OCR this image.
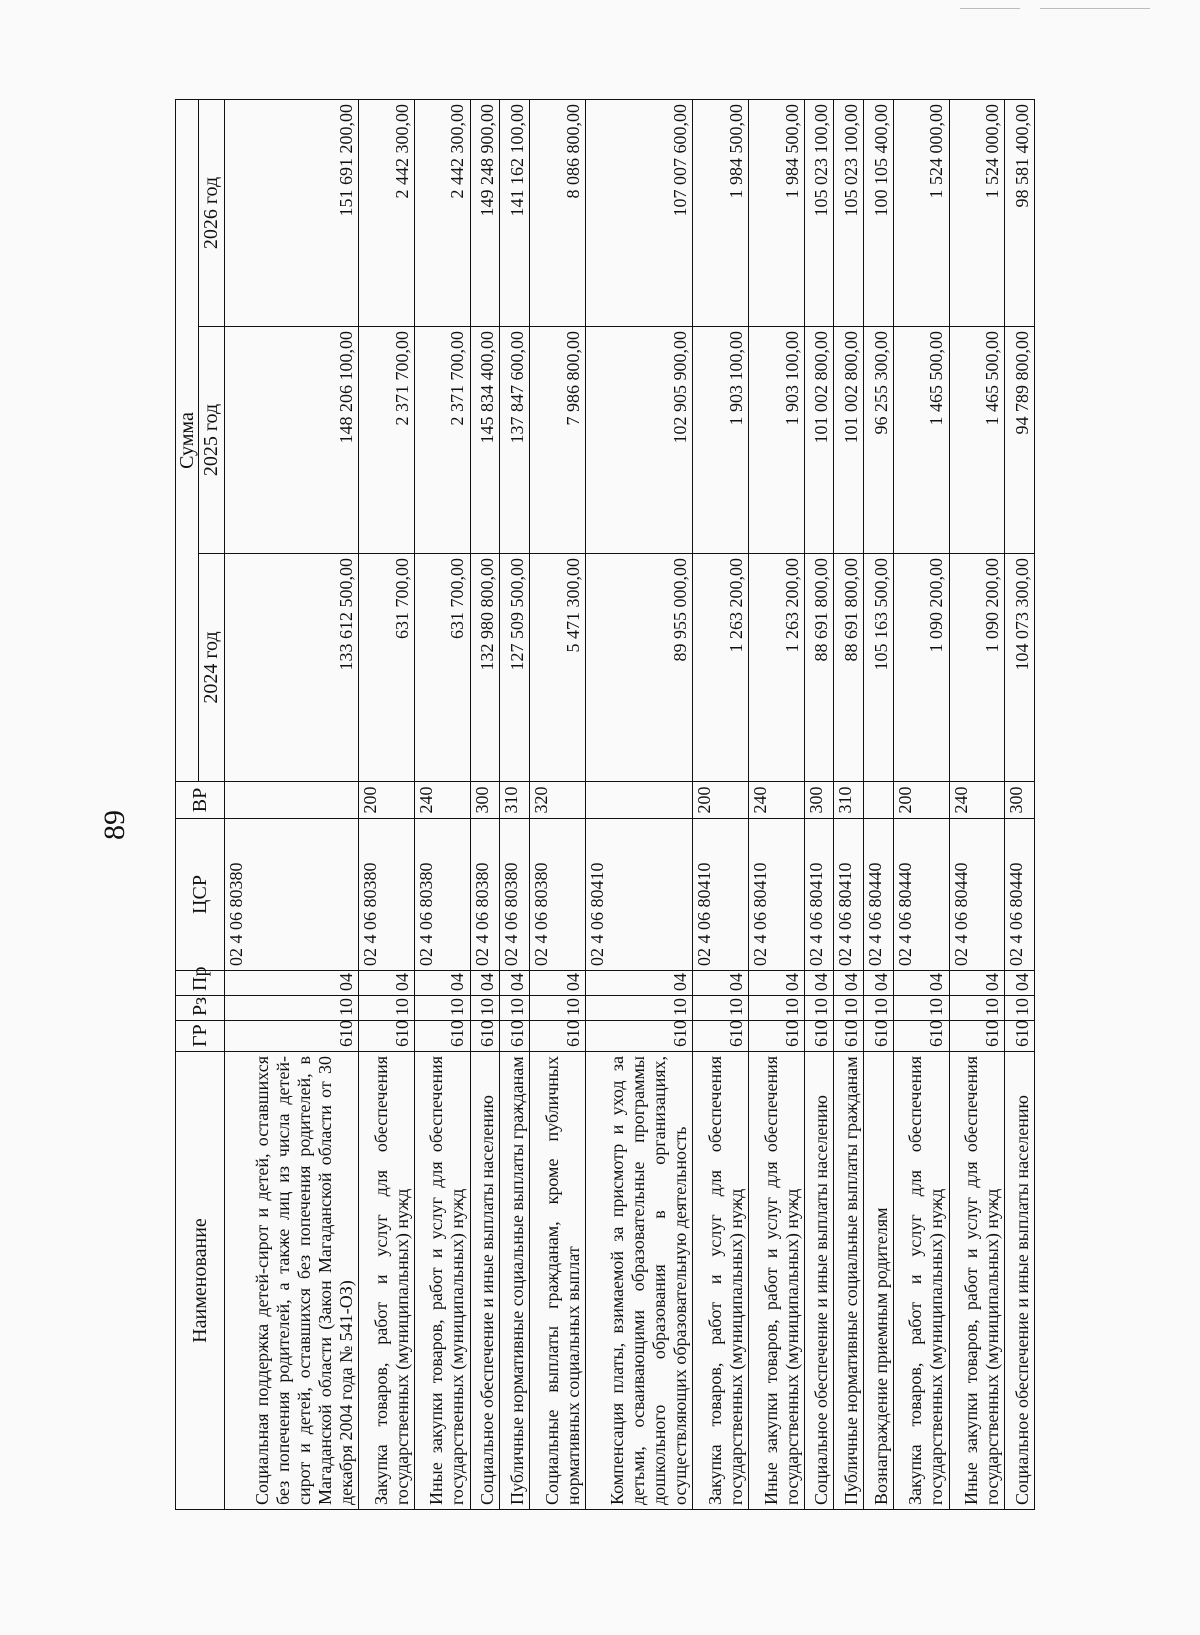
89
Наименование	ГР	Рз	Пр	ЦСР	ВР	Сумма		
						2024 год	2025 год	2026 год
Социальная поддержка детей-сирот и детей, оставшихся без попечения родителей, а также лиц из числа детей-сирот и детей, оставшихся без попечения родителей, в Магаданской области (Закон Магаданской области от 30 декабря 2004 года № 541-ОЗ)	610	10	04	02 4 06 80380		133 612 500,00	148 206 100,00	151 691 200,00
Закупка товаров, работ и услуг для обеспечения государственных (муниципальных) нужд	610	10	04	02 4 06 80380	200	631 700,00	2 371 700,00	2 442 300,00
Иные закупки товаров, работ и услуг для обеспечения государственных (муниципальных) нужд	610	10	04	02 4 06 80380	240	631 700,00	2 371 700,00	2 442 300,00
Социальное обеспечение и иные выплаты населению	610	10	04	02 4 06 80380	300	132 980 800,00	145 834 400,00	149 248 900,00
Публичные нормативные социальные выплаты гражданам	610	10	04	02 4 06 80380	310	127 509 500,00	137 847 600,00	141 162 100,00
Социальные выплаты гражданам, кроме публичных нормативных социальных выплат	610	10	04	02 4 06 80380	320	5 471 300,00	7 986 800,00	8 086 800,00
Компенсация платы, взимаемой за присмотр и уход за детьми, осваивающими образовательные программы дошкольного образования в организациях, осуществляющих образовательную деятельность	610	10	04	02 4 06 80410		89 955 000,00	102 905 900,00	107 007 600,00
Закупка товаров, работ и услуг для обеспечения государственных (муниципальных) нужд	610	10	04	02 4 06 80410	200	1 263 200,00	1 903 100,00	1 984 500,00
Иные закупки товаров, работ и услуг для обеспечения государственных (муниципальных) нужд	610	10	04	02 4 06 80410	240	1 263 200,00	1 903 100,00	1 984 500,00
Социальное обеспечение и иные выплаты населению	610	10	04	02 4 06 80410	300	88 691 800,00	101 002 800,00	105 023 100,00
Публичные нормативные социальные выплаты гражданам	610	10	04	02 4 06 80410	310	88 691 800,00	101 002 800,00	105 023 100,00
Вознаграждение приемным родителям	610	10	04	02 4 06 80440		105 163 500,00	96 255 300,00	100 105 400,00
Закупка товаров, работ и услуг для обеспечения государственных (муниципальных) нужд	610	10	04	02 4 06 80440	200	1 090 200,00	1 465 500,00	1 524 000,00
Иные закупки товаров, работ и услуг для обеспечения государственных (муниципальных) нужд	610	10	04	02 4 06 80440	240	1 090 200,00	1 465 500,00	1 524 000,00
Социальное обеспечение и иные выплаты населению	610	10	04	02 4 06 80440	300	104 073 300,00	94 789 800,00	98 581 400,00
